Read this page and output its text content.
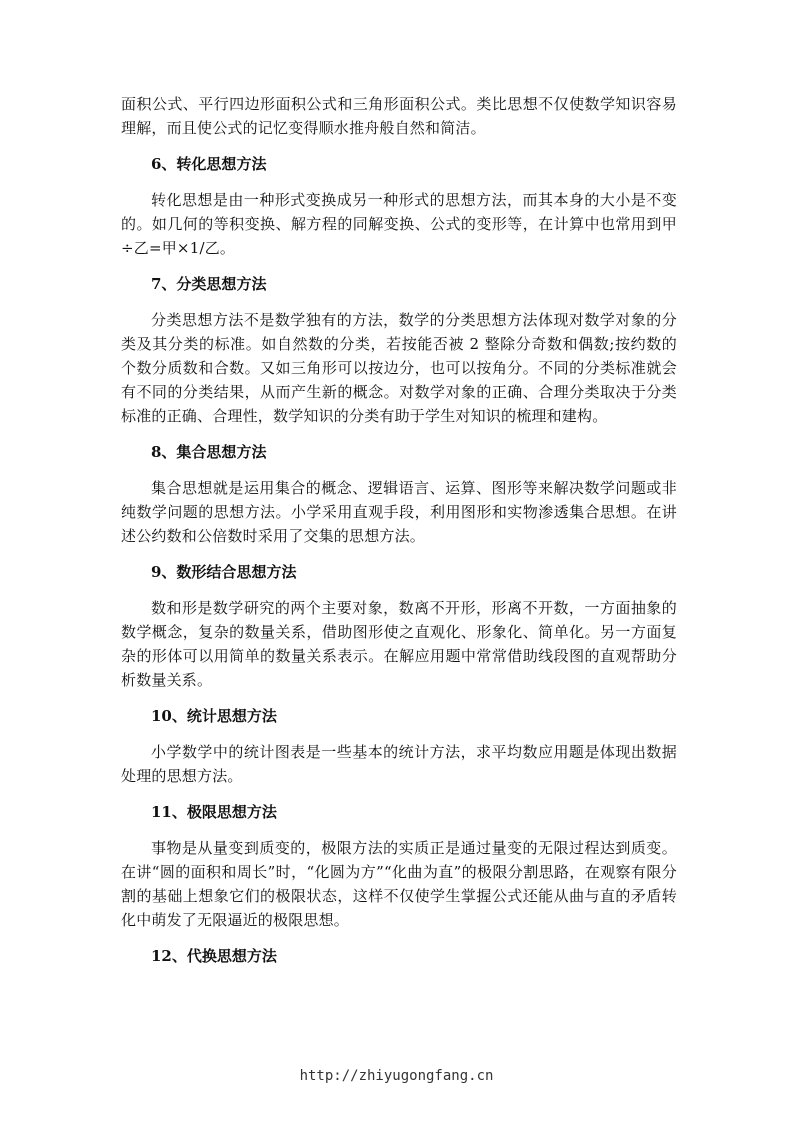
面积公式、平行四边形面积公式和三角形面积公式。类比思想不仅使数学知识容易理解，而且使公式的记忆变得顺水推舟般自然和简洁。

6、转化思想方法

转化思想是由一种形式变换成另一种形式的思想方法，而其本身的大小是不变的。如几何的等积变换、解方程的同解变换、公式的变形等，在计算中也常用到甲÷乙=甲×1/乙。

7、分类思想方法

分类思想方法不是数学独有的方法，数学的分类思想方法体现对数学对象的分类及其分类的标准。如自然数的分类，若按能否被 2 整除分奇数和偶数;按约数的个数分质数和合数。又如三角形可以按边分，也可以按角分。不同的分类标准就会有不同的分类结果，从而产生新的概念。对数学对象的正确、合理分类取决于分类标准的正确、合理性，数学知识的分类有助于学生对知识的梳理和建构。

8、集合思想方法

集合思想就是运用集合的概念、逻辑语言、运算、图形等来解决数学问题或非纯数学问题的思想方法。小学采用直观手段，利用图形和实物渗透集合思想。在讲述公约数和公倍数时采用了交集的思想方法。

9、数形结合思想方法

数和形是数学研究的两个主要对象，数离不开形，形离不开数，一方面抽象的数学概念，复杂的数量关系，借助图形使之直观化、形象化、简单化。另一方面复杂的形体可以用简单的数量关系表示。在解应用题中常常借助线段图的直观帮助分析数量关系。

10、统计思想方法

小学数学中的统计图表是一些基本的统计方法，求平均数应用题是体现出数据处理的思想方法。

11、极限思想方法

事物是从量变到质变的，极限方法的实质正是通过量变的无限过程达到质变。在讲“圆的面积和周长”时，“化圆为方”“化曲为直”的极限分割思路，在观察有限分割的基础上想象它们的极限状态，这样不仅使学生掌握公式还能从曲与直的矛盾转化中萌发了无限逼近的极限思想。

12、代换思想方法
http://zhiyugongfang.cn
